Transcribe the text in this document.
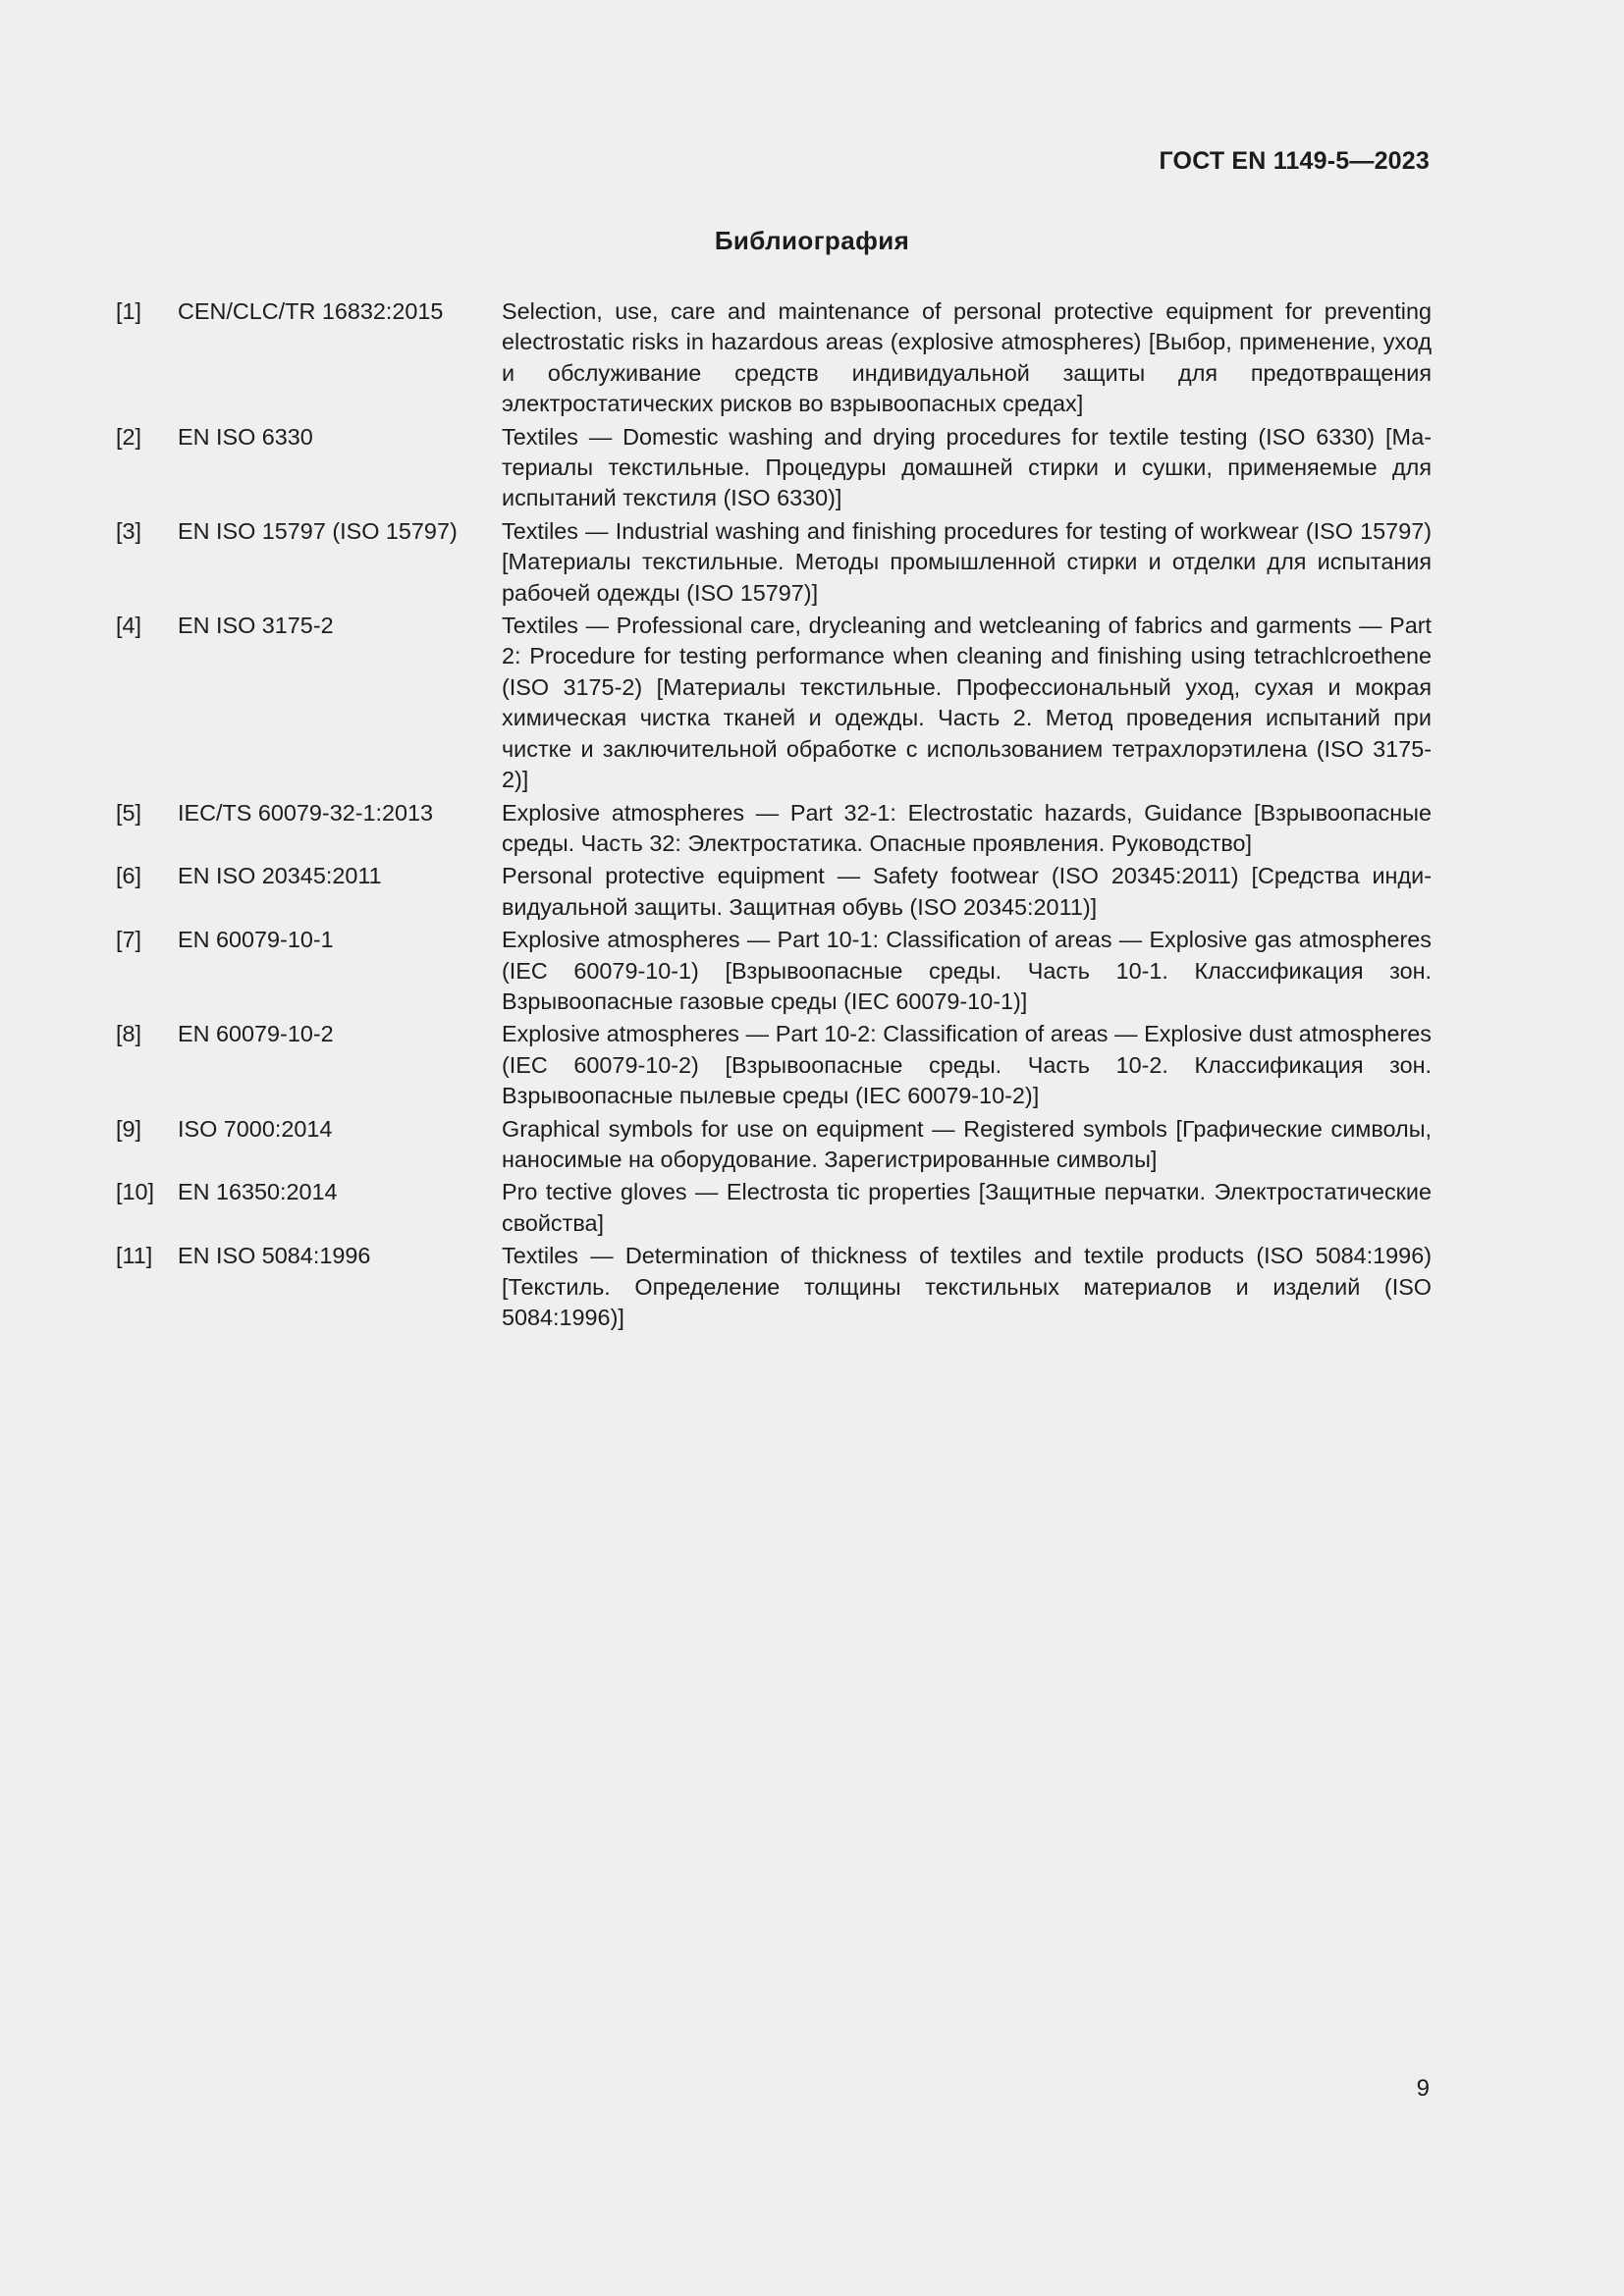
ГОСТ EN 1149-5—2023
Библиография
[1]	CEN/CLC/TR 16832:2015	Selection, use, care and maintenance of personal protective equipment for preventing electrostatic risks in hazardous areas (explosive atmospheres) [Выбор, применение, уход и обслуживание средств индивидуальной защиты для предотвращения электростатических рисков во взрывоопасных средах]
[2]	EN ISO 6330	Textiles — Domestic washing and drying procedures for textile testing (ISO 6330) [Материалы текстильные. Процедуры домашней стирки и сушки, применяемые для испытаний текстиля (ISO 6330)]
[3]	EN ISO 15797 (ISO 15797)	Textiles — Industrial washing and finishing procedures for testing of workwear (ISO 15797) [Материалы текстильные. Методы промышленной стирки и отделки для испытания рабочей одежды (ISO 15797)]
[4]	EN ISO 3175-2	Textiles — Professional care, drycleaning and wetcleaning of fabrics and garments — Part 2: Procedure for testing performance when cleaning and finishing using tetrachlcroethene (ISO 3175-2) [Материалы текстильные. Профессиональный уход, сухая и мокрая химическая чистка тканей и одежды. Часть 2. Метод проведения испытаний при чистке и заключительной обработке с использованием тетрахлорэтилена (ISO 3175-2)]
[5]	IEC/TS 60079-32-1:2013	Explosive atmospheres — Part 32-1: Electrostatic hazards, Guidance [Взрывоопасные среды. Часть 32: Электростатика. Опасные проявления. Руководство]
[6]	EN ISO 20345:2011	Personal protective equipment — Safety footwear (ISO 20345:2011) [Средства индивидуальной защиты. Защитная обувь (ISO 20345:2011)]
[7]	EN 60079-10-1	Explosive atmospheres — Part 10-1: Classification of areas — Explosive gas atmospheres (IEC 60079-10-1) [Взрывоопасные среды. Часть 10-1. Классификация зон. Взрывоопасные газовые среды (IEC 60079-10-1)]
[8]	EN 60079-10-2	Explosive atmospheres — Part 10-2: Classification of areas — Explosive dust atmospheres (IEC 60079-10-2) [Взрывоопасные среды. Часть 10-2. Классификация зон. Взрывоопасные пылевые среды (IEC 60079-10-2)]
[9]	ISO 7000:2014	Graphical symbols for use on equipment — Registered symbols [Графические символы, наносимые на оборудование. Зарегистрированные символы]
[10]	EN 16350:2014	Pro tective gloves — Electrosta tic properties [Защитные перчатки. Электростатические свойства]
[11]	EN ISO 5084:1996	Textiles — Determination of thickness of textiles and textile products (ISO 5084:1996) [Текстиль. Определение толщины текстильных материалов и изделий (ISO 5084:1996)]
9
